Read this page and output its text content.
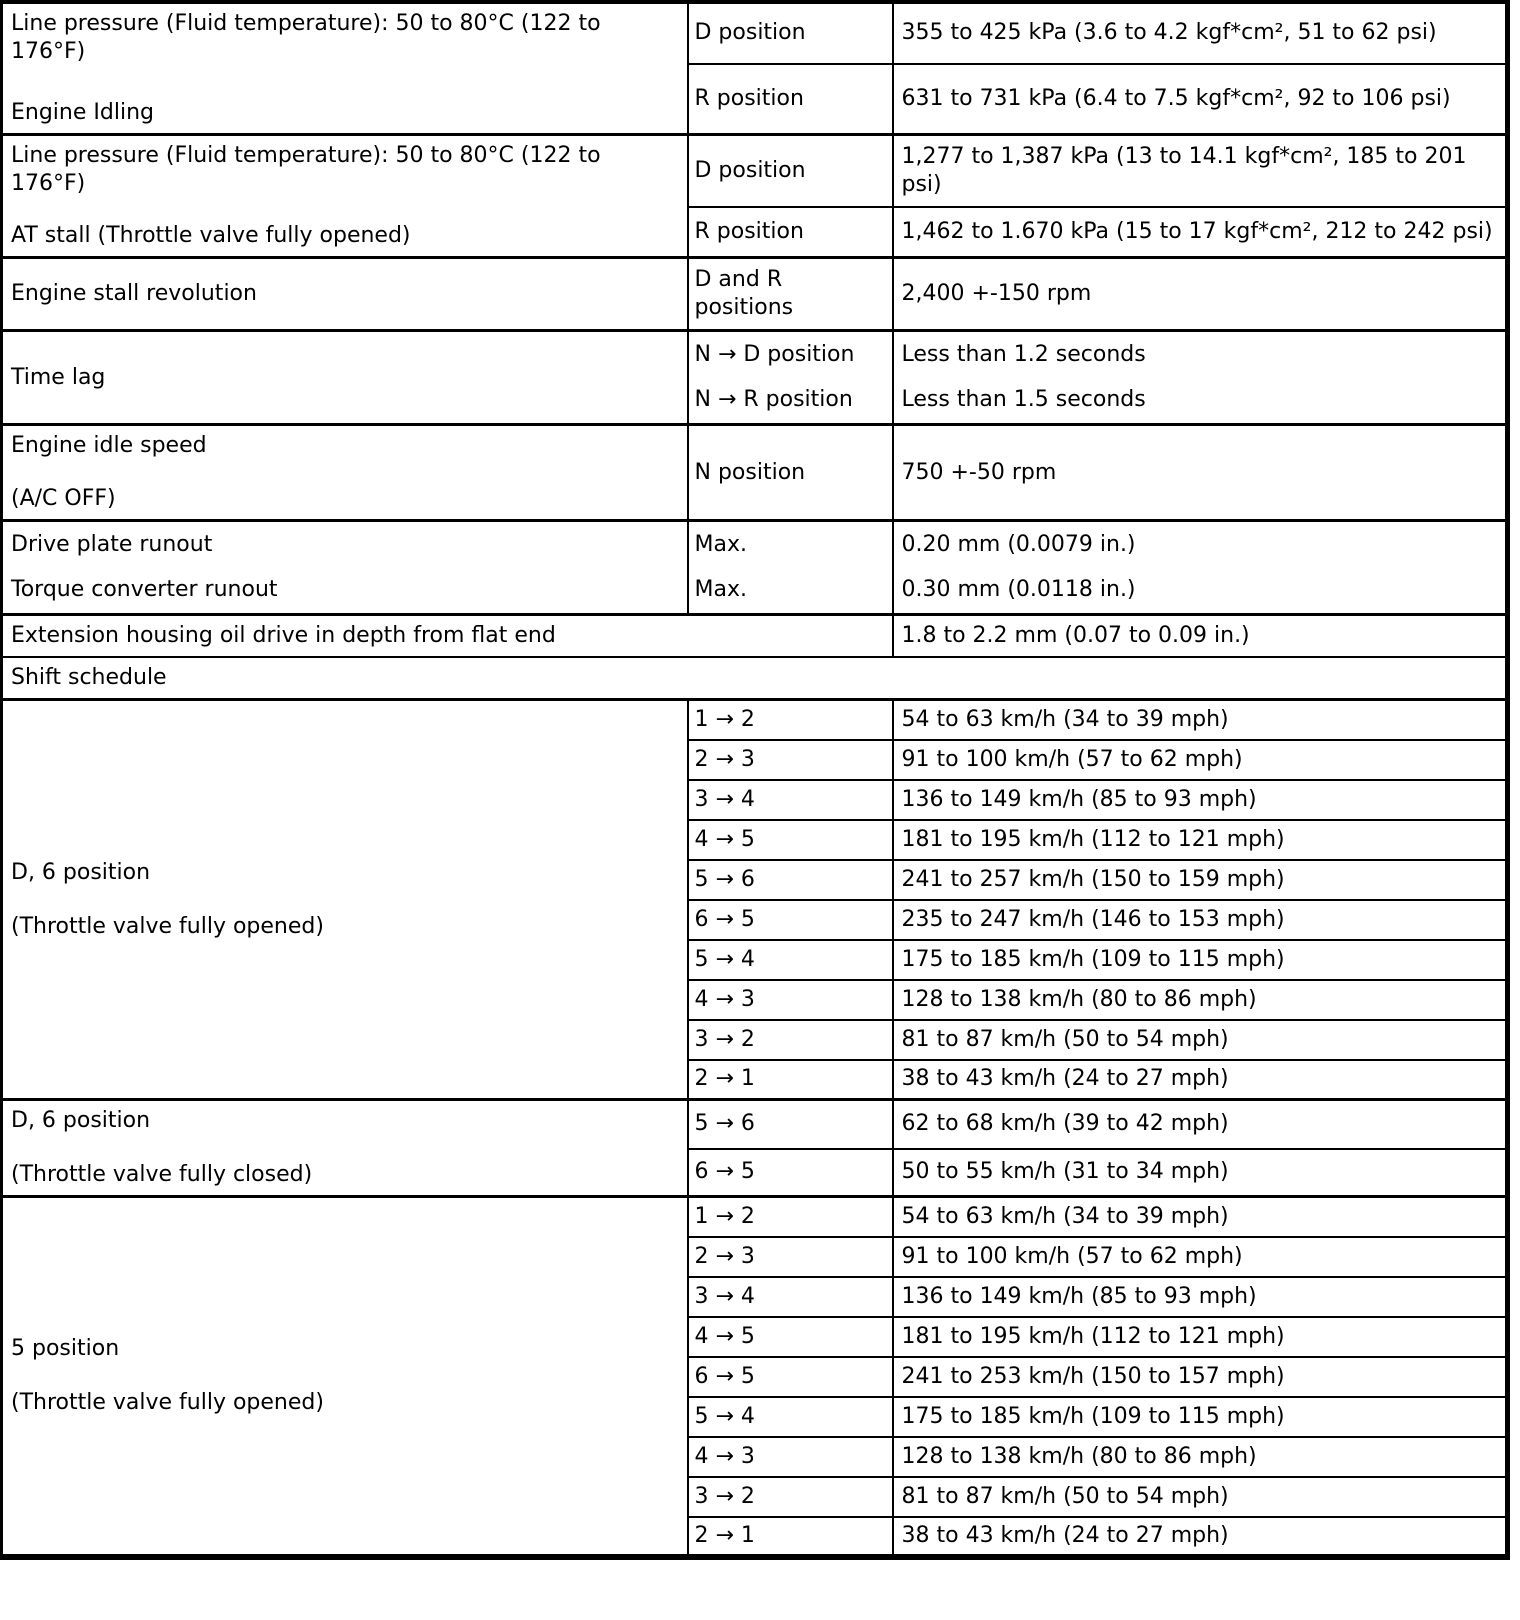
Line pressure (Fluid temperature): 50 to 80°C (122 to 176°F)
Engine Idling	D position	355 to 425 kPa (3.6 to 4.2 kgf*cm², 51 to 62 psi)
	R position	631 to 731 kPa (6.4 to 7.5 kgf*cm², 92 to 106 psi)

Line pressure (Fluid temperature): 50 to 80°C (122 to 176°F)
AT stall (Throttle valve fully opened)	D position	1,277 to 1,387 kPa (13 to 14.1 kgf*cm², 185 to 201 psi)
	R position	1,462 to 1.670 kPa (15 to 17 kgf*cm², 212 to 242 psi)
Engine stall revolution	D and R positions	2,400 +-150 rpm
Time lag	N → D position	Less than 1.2 seconds
	N → R position	Less than 1.5 seconds

Engine idle speed
(A/C OFF)	N position	750 +-50 rpm
Drive plate runout	Max.	0.20 mm (0.0079 in.)
Torque converter runout	Max.	0.30 mm (0.0118 in.)
Extension housing oil drive in depth from flat end		1.8 to 2.2 mm (0.07 to 0.09 in.)
Shift schedule		

D, 6 position
(Throttle valve fully opened)	1 → 2	54 to 63 km/h (34 to 39 mph)
	2 → 3	91 to 100 km/h (57 to 62 mph)
	3 → 4	136 to 149 km/h (85 to 93 mph)
	4 → 5	181 to 195 km/h (112 to 121 mph)
	5 → 6	241 to 257 km/h (150 to 159 mph)
	6 → 5	235 to 247 km/h (146 to 153 mph)
	5 → 4	175 to 185 km/h (109 to 115 mph)
	4 → 3	128 to 138 km/h (80 to 86 mph)
	3 → 2	81 to 87 km/h (50 to 54 mph)
	2 → 1	38 to 43 km/h (24 to 27 mph)

D, 6 position
(Throttle valve fully closed)	5 → 6	62 to 68 km/h (39 to 42 mph)
	6 → 5	50 to 55 km/h (31 to 34 mph)

5 position
(Throttle valve fully opened)	1 → 2	54 to 63 km/h (34 to 39 mph)
	2 → 3	91 to 100 km/h (57 to 62 mph)
	3 → 4	136 to 149 km/h (85 to 93 mph)
	4 → 5	181 to 195 km/h (112 to 121 mph)
	6 → 5	241 to 253 km/h (150 to 157 mph)
	5 → 4	175 to 185 km/h (109 to 115 mph)
	4 → 3	128 to 138 km/h (80 to 86 mph)
	3 → 2	81 to 87 km/h (50 to 54 mph)
	2 → 1	38 to 43 km/h (24 to 27 mph)
